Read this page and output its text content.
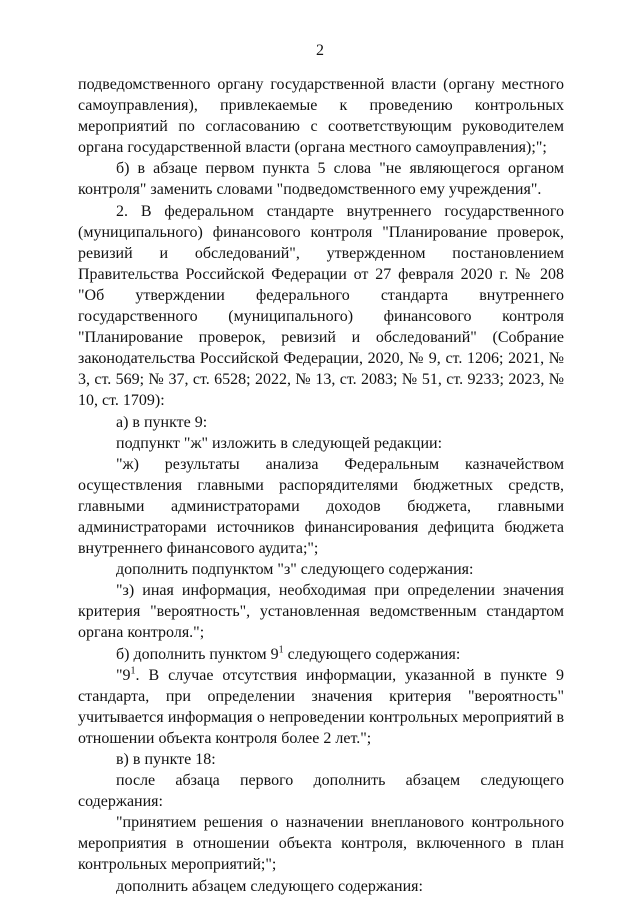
2

подведомственного органу государственной власти (органу местного самоуправления), привлекаемые к проведению контрольных мероприятий по согласованию с соответствующим руководителем органа государственной власти (органа местного самоуправления);";

б) в абзаце первом пункта 5 слова "не являющегося органом контроля" заменить словами "подведомственного ему учреждения".

2. В федеральном стандарте внутреннего государственного (муниципального) финансового контроля "Планирование проверок, ревизий и обследований", утвержденном постановлением Правительства Российской Федерации от 27 февраля 2020 г. № 208 "Об утверждении федерального стандарта внутреннего государственного (муниципального) финансового контроля "Планирование проверок, ревизий и обследований" (Собрание законодательства Российской Федерации, 2020, № 9, ст. 1206; 2021, № 3, ст. 569; № 37, ст. 6528; 2022, № 13, ст. 2083; № 51, ст. 9233; 2023, № 10, ст. 1709):

а) в пункте 9:

подпункт "ж" изложить в следующей редакции:

"ж) результаты анализа Федеральным казначейством осуществления главными распорядителями бюджетных средств, главными администраторами доходов бюджета, главными администраторами источников финансирования дефицита бюджета внутреннего финансового аудита;";

дополнить подпунктом "з" следующего содержания:

"з) иная информация, необходимая при определении значения критерия "вероятность", установленная ведомственным стандартом органа контроля.";

б) дополнить пунктом $9^1$ следующего содержания:

"$9^1$. В случае отсутствия информации, указанной в пункте 9 стандарта, при определении значения критерия "вероятность" учитывается информация о непроведении контрольных мероприятий в отношении объекта контроля более 2 лет.";

в) в пункте 18:

после абзаца первого дополнить абзацем следующего содержания:

"принятием решения о назначении внепланового контрольного мероприятия в отношении объекта контроля, включенного в план контрольных мероприятий;";

дополнить абзацем следующего содержания:
